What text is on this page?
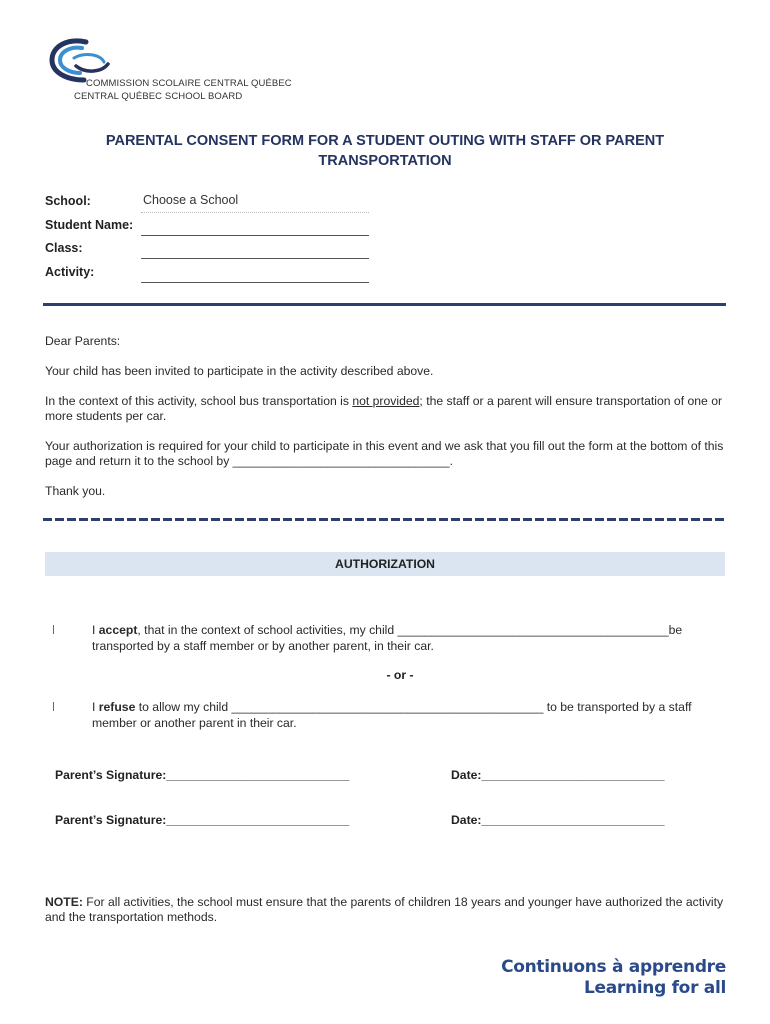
COMMISSION SCOLAIRE CENTRAL QUÉBEC
CENTRAL QUÉBEC SCHOOL BOARD
PARENTAL CONSENT FORM FOR A STUDENT OUTING WITH STAFF OR PARENT TRANSPORTATION
School:	Choose a School
Student Name:
Class:
Activity:
Dear Parents:
Your child has been invited to participate in the activity described above.
In the context of this activity, school bus transportation is not provided; the staff or a parent will ensure transportation of one or more students per car.
Your authorization is required for your child to participate in this event and we ask that you fill out the form at the bottom of this page and return it to the school by ________________________________.
Thank you.
AUTHORIZATION
I accept, that in the context of school activities, my child ________________________________________be transported by a staff member or by another parent, in their car.
- or -
I refuse to allow my child ______________________________________________ to be transported by a staff member or another parent in their car.
Parent’s Signature:___________________________	Date:___________________________
Parent’s Signature:___________________________	Date:___________________________
NOTE: For all activities, the school must ensure that the parents of children 18 years and younger have authorized the activity and the transportation methods.
Continuons à apprendre
Learning for all
